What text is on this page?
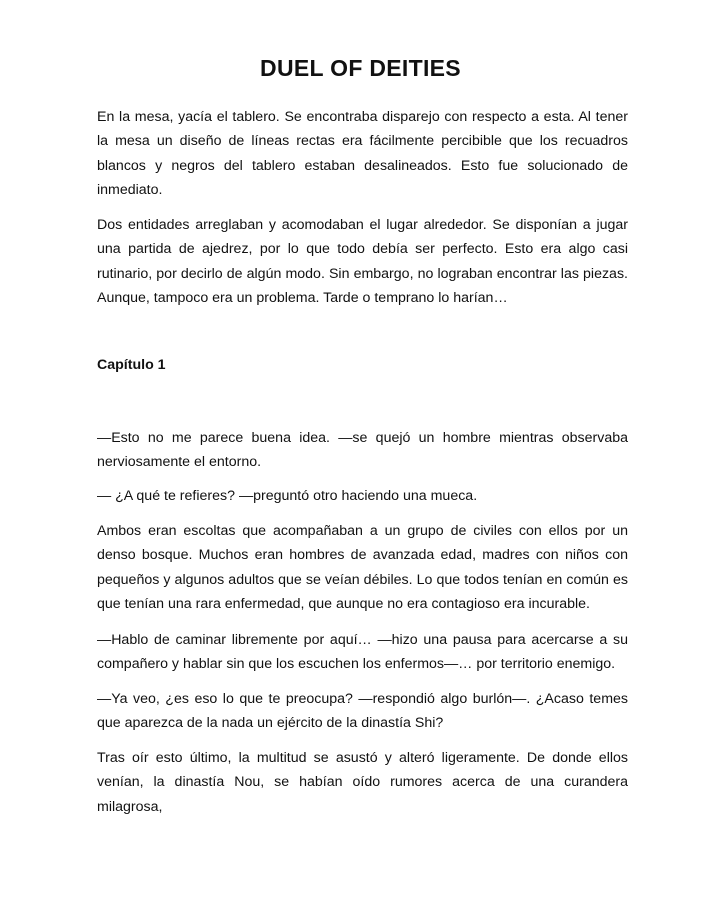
DUEL OF DEITIES

En la mesa, yacía el tablero. Se encontraba disparejo con respecto a esta. Al tener la mesa un diseño de líneas rectas era fácilmente percibible que los recuadros blancos y negros del tablero estaban desalineados. Esto fue solucionado de inmediato.

Dos entidades arreglaban y acomodaban el lugar alrededor. Se disponían a jugar una partida de ajedrez, por lo que todo debía ser perfecto. Esto era algo casi rutinario, por decirlo de algún modo. Sin embargo, no lograban encontrar las piezas. Aunque, tampoco era un problema. Tarde o temprano lo harían…

Capítulo 1

—Esto no me parece buena idea. —se quejó un hombre mientras observaba nerviosamente el entorno.

— ¿A qué te refieres? —preguntó otro haciendo una mueca.

Ambos eran escoltas que acompañaban a un grupo de civiles con ellos por un denso bosque. Muchos eran hombres de avanzada edad, madres con niños con pequeños y algunos adultos que se veían débiles. Lo que todos tenían en común es que tenían una rara enfermedad, que aunque no era contagioso era incurable.

—Hablo de caminar libremente por aquí… —hizo una pausa para acercarse a su compañero y hablar sin que los escuchen los enfermos—… por territorio enemigo.

—Ya veo, ¿es eso lo que te preocupa? —respondió algo burlón—. ¿Acaso temes que aparezca de la nada un ejército de la dinastía Shi?

Tras oír esto último, la multitud se asustó y alteró ligeramente. De donde ellos venían, la dinastía Nou, se habían oído rumores acerca de una curandera milagrosa,
